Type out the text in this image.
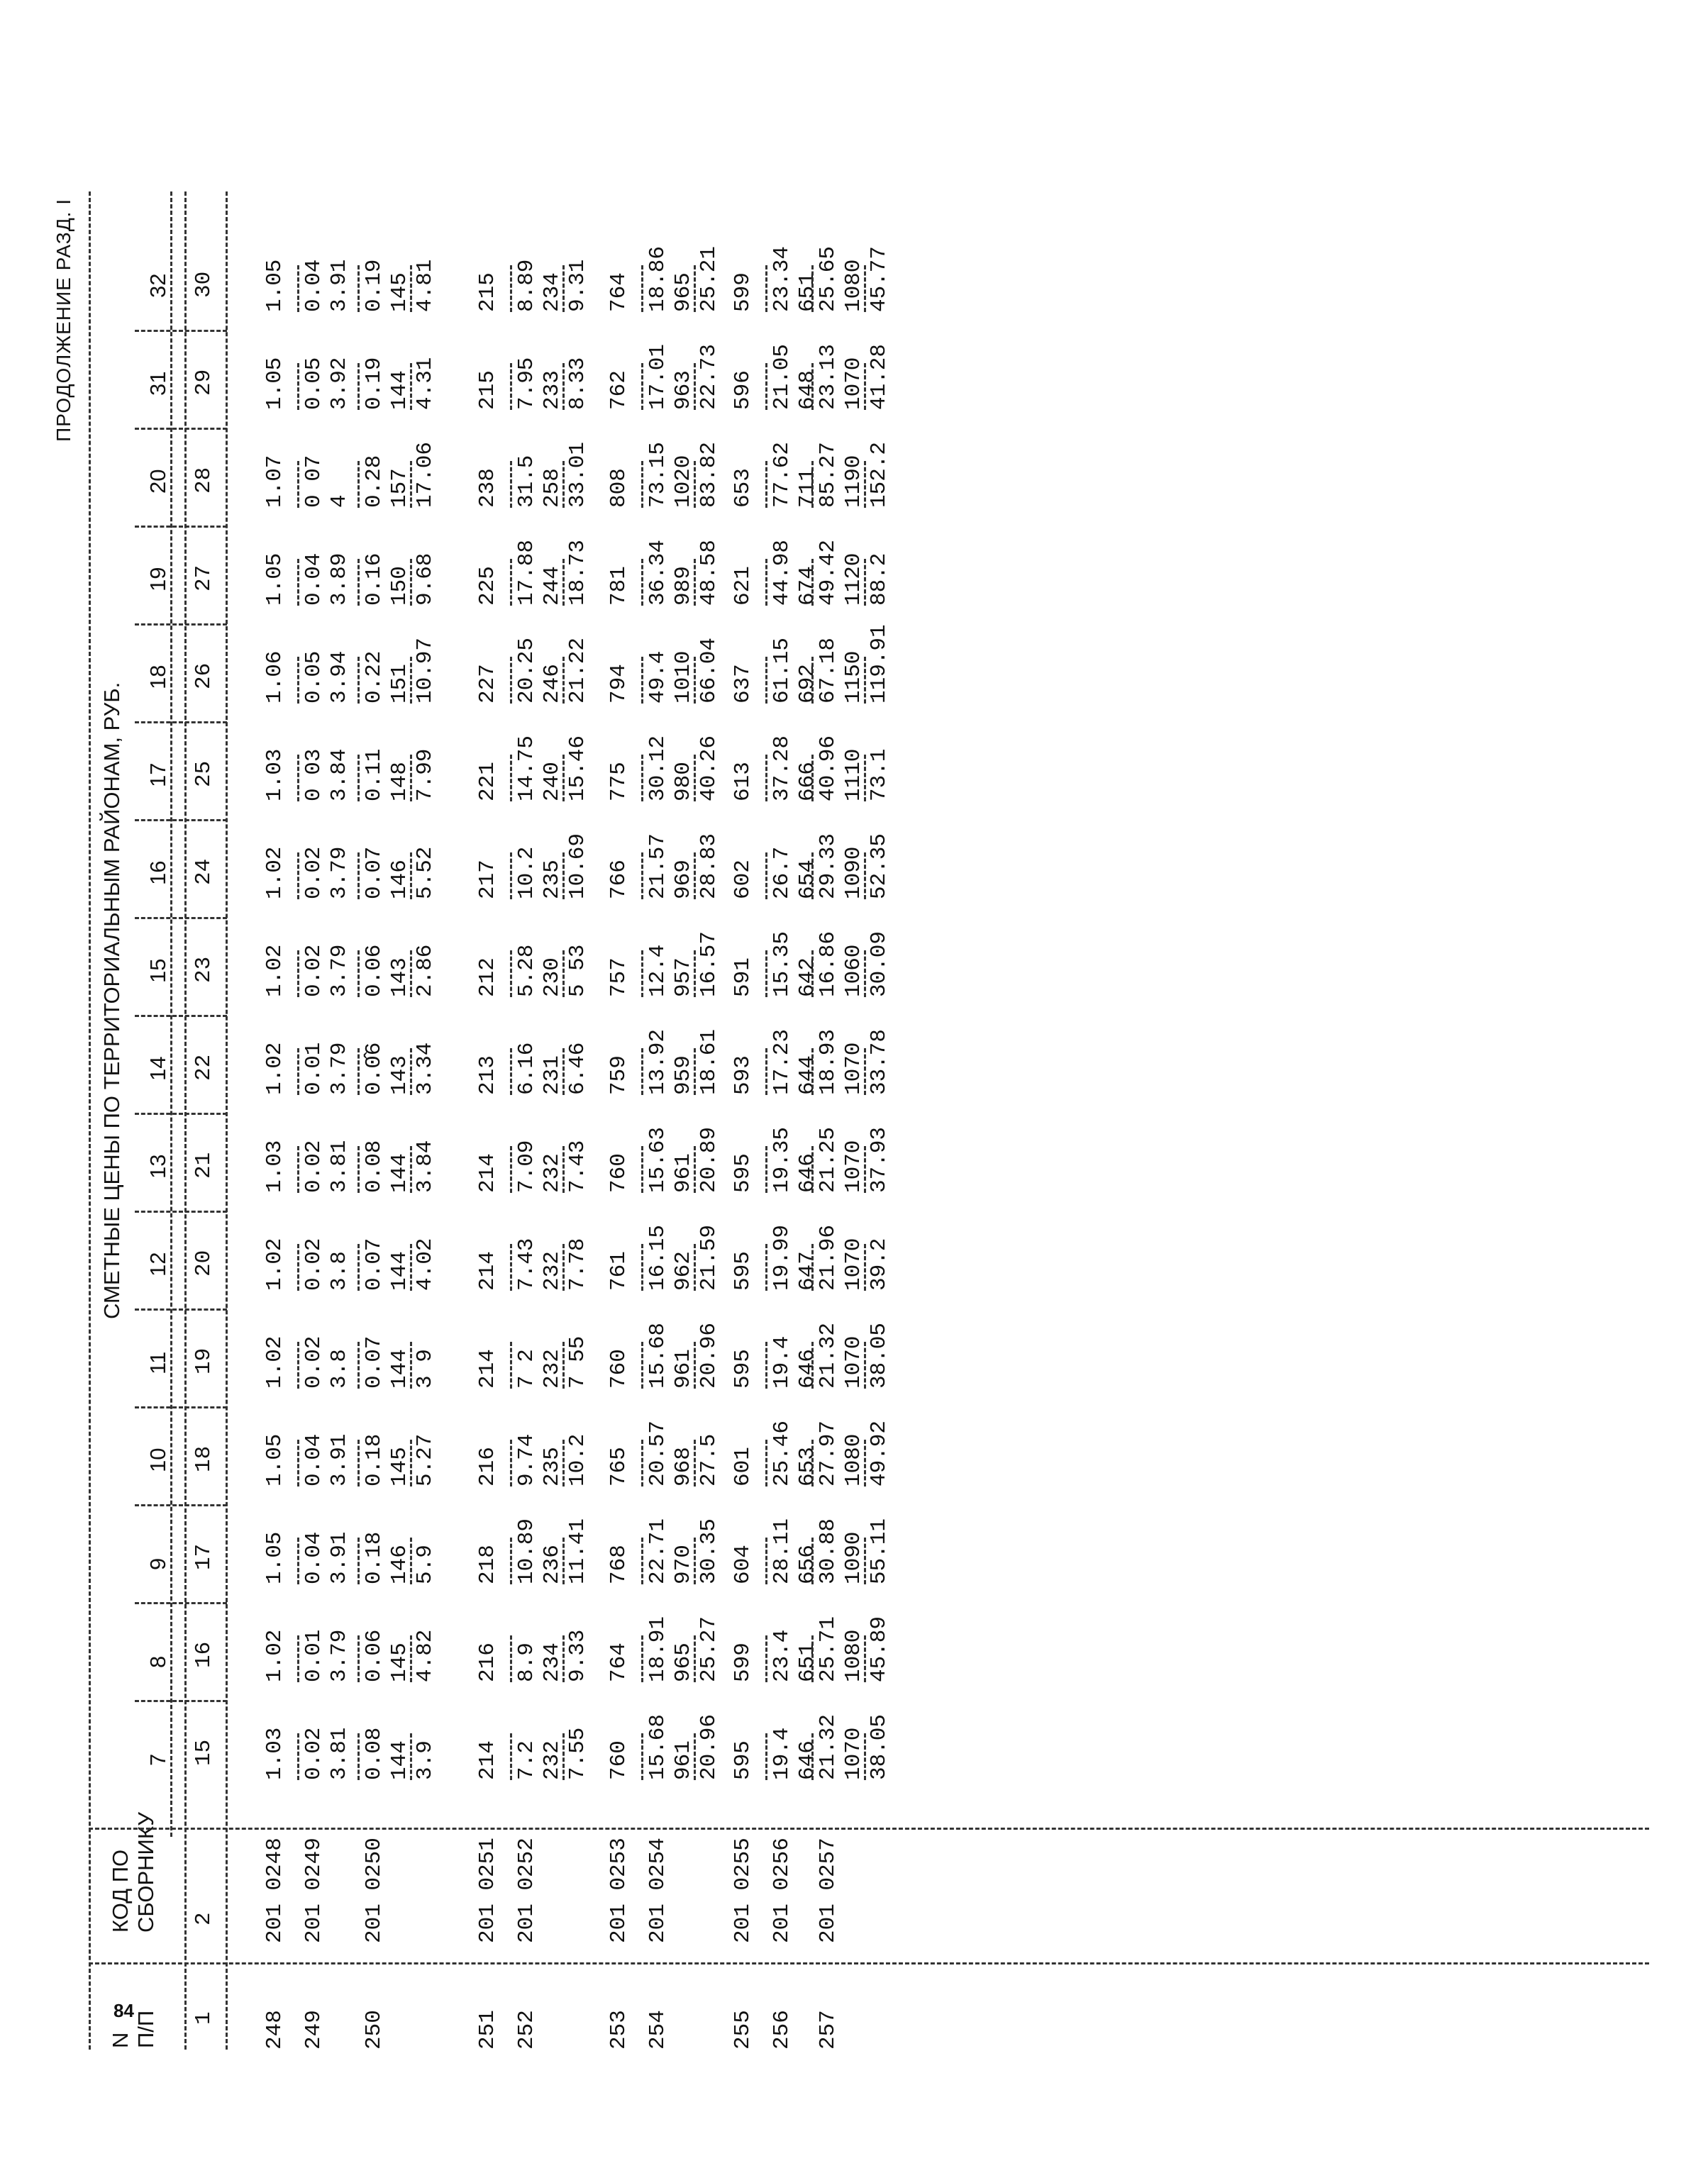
84
ПРОДОЛЖЕНИЕ РАЗД. I
СМЕТНЫЕ ЦЕНЫ ПО ТЕРРИТОРИАЛЬНЫМ РАЙОНАМ, РУБ.
N
П/П
КОД ПО
СБОРНИКУ
7
8
9
10
11
12
13
14
15
16
17
18
19
20
31
32
1
2
15
16
17
18
19
20
21
22
23
24
25
26
27
28
29
30
248
201 0248
1.03
1.02
1.05
1.05
1.02
1.02
1.03
1.02
1.02
1.02
1.03
1.06
1.05
1.07
1.05
1.05
249
201 0249
0.02
0.01
0.04
0.04
0.02
0.02
0.02
0.01
0.02
0.02
0 03
0.05
0.04
0 07
0.05
0.04
3.81
3.79
3.91
3.91
3.8
3.8
3.81
3.79
3.79
3.79
3.84
3.94
3.89
4
3.92
3.91
250
201 0250
0.08
0.06
0.18
0.18
0.07
0.07
0.08
0.0̂6
0.06
0.07
0.11
0.22
0.16
0.28
0.19
0.19
144
145
146
145
144
144
144
143
143
146
148
151
150
157
144
145
3.9
4.82
5.9
5.27
3 9
4.02
3.84
3.34
2.86
5.52
7.99
10.97
9.68
17.06
4.31
4.81
251
201 0251
214
216
218
216
214
214
214
213
212
217
221
227
225
238
215
215
252
201 0252
7.2
8.9
10.89
9.74
7 2
7.43
7.09
6.16
5.28
10.2
14.75
20.25
17.88
31.5
7.95
8.89
232
234
236
235
232
232
232
231
230
235
240
246
244
258
233
234
7.55
9.33
11.41
10.2
7 55
7.78
7.43
6.46
5 53
10.69
15.46
21.22
18.73
33.01
8.33
9.31
253
201 0253
760
764
768
765
760
761
760
759
757
766
775
794
781
808
762
764
254
201 0254
15.68
18.91
22.71
20.57
15.68
16.15
15.63
13.92
12.4
21.57
30.12
49.4
36.34
73.15
17.01
18.86
961
965
970
968
961
962
961
959
957
969
980
1010
989
1020
963
965
20.96
25.27
30.35
27.5
20.96
21.59
20.89
18.61
16.57
28.83
40.26
66.04
48.58
83.82
22.73
25.21
255
201 0255
595
599
604
601
595
595
595
593
591
602
613
637
621
653
596
599
256
201 0256
19.4
23.4
28.11
25.46
19.4
19.99
19.35
17.23
15.35
26.7
37.28
61.15
44.98
77.62
21.05
23.34
646
651
656
653
646
647
646
644
642
654
666
692
674
711
648
651
257
201 0257
21.32
25.71
30.88
27.97
21.32
21.96
21.25
18.93
16.86
29.33
40.96
67.18
49.42
85.27
23.13
25.65
1070
1080
1090
1080
1070
1070
1070
1070
1060
1090
1110
1150
1120
1190
1070
1080
38.05
45.89
55.11
49.92
38.05
39.2
37.93
33.78
30.09
52.35
73.1
119.91
88.2
152.2
41.28
45.77
